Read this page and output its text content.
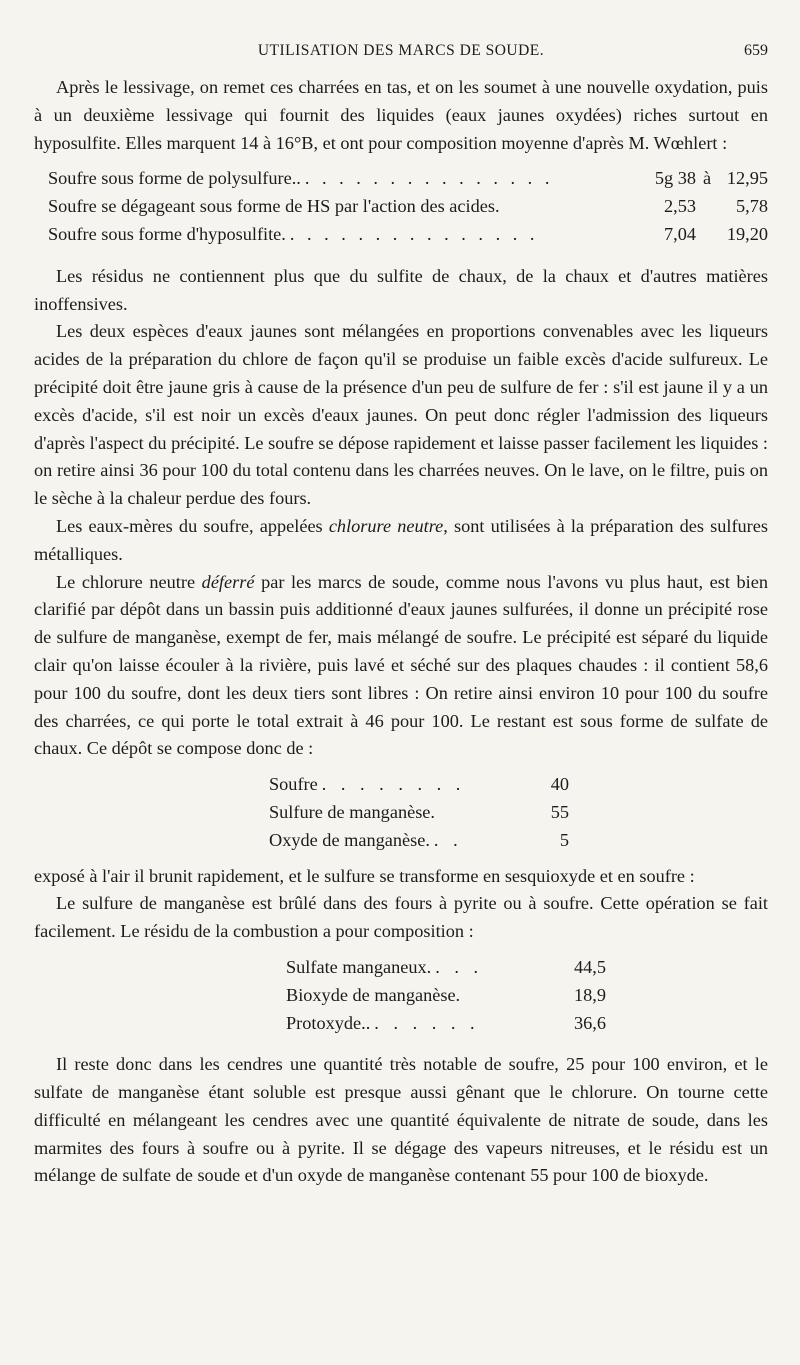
UTILISATION DES MARCS DE SOUDE.	659

Après le lessivage, on remet ces charrées en tas, et on les soumet à une nouvelle oxydation, puis à un deuxième lessivage qui fournit des liquides (eaux jaunes oxydées) riches surtout en hyposulfite. Elles marquent 14 à 16°B, et ont pour composition moyenne d'après M. Wœhlert :

Soufre sous forme de polysulfure.. . . . . . . . . . . . . . . .	5g 38 à 12,95
Soufre se dégageant sous forme de HS par l'action des acides.	2,53	5,78
Soufre sous forme d'hyposulfite. . . . . . . . . . . . . . . .	7,04	19,20

Les résidus ne contiennent plus que du sulfite de chaux, de la chaux et d'autres matières inoffensives.

Les deux espèces d'eaux jaunes sont mélangées en proportions convenables avec les liqueurs acides de la préparation du chlore de façon qu'il se produise un faible excès d'acide sulfureux. Le précipité doit être jaune gris à cause de la présence d'un peu de sulfure de fer : s'il est jaune il y a un excès d'acide, s'il est noir un excès d'eaux jaunes. On peut donc régler l'admission des liqueurs d'après l'aspect du précipité. Le soufre se dépose rapidement et laisse passer facilement les liquides : on retire ainsi 36 pour 100 du total contenu dans les charrées neuves. On le lave, on le filtre, puis on le sèche à la chaleur perdue des fours.

Les eaux-mères du soufre, appelées chlorure neutre, sont utilisées à la préparation des sulfures métalliques.

Le chlorure neutre déferré par les marcs de soude, comme nous l'avons vu plus haut, est bien clarifié par dépôt dans un bassin puis additionné d'eaux jaunes sulfurées, il donne un précipité rose de sulfure de manganèse, exempt de fer, mais mélangé de soufre. Le précipité est séparé du liquide clair qu'on laisse écouler à la rivière, puis lavé et séché sur des plaques chaudes : il contient 58,6 pour 100 du soufre, dont les deux tiers sont libres : On retire ainsi environ 10 pour 100 du soufre des charrées, ce qui porte le total extrait à 46 pour 100. Le restant est sous forme de sulfate de chaux. Ce dépôt se compose donc de :

Soufre . . . . . . . .	40
Sulfure de manganèse.	55
Oxyde de manganèse. . .	5

exposé à l'air il brunit rapidement, et le sulfure se transforme en sesquioxyde et en soufre :

Le sulfure de manganèse est brûlé dans des fours à pyrite ou à soufre. Cette opération se fait facilement. Le résidu de la combustion a pour composition :

Sulfate manganeux. . . .	44,5
Bioxyde de manganèse.	18,9
Protoxyde.. . . . . . .	36,6

Il reste donc dans les cendres une quantité très notable de soufre, 25 pour 100 environ, et le sulfate de manganèse étant soluble est presque aussi gênant que le chlorure. On tourne cette difficulté en mélangeant les cendres avec une quantité équivalente de nitrate de soude, dans les marmites des fours à soufre ou à pyrite. Il se dégage des vapeurs nitreuses, et le résidu est un mélange de sulfate de soude et d'un oxyde de manganèse contenant 55 pour 100 de bioxyde.
